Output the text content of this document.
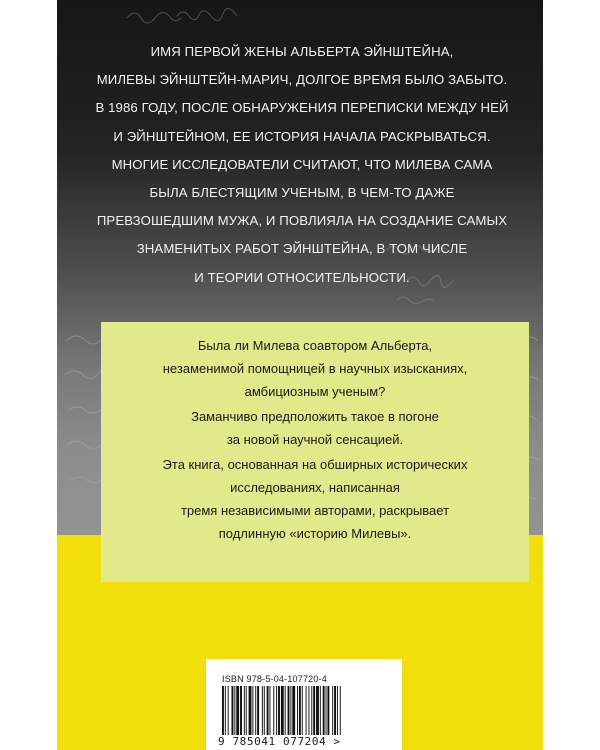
ИМЯ ПЕРВОЙ ЖЕНЫ АЛЬБЕРТА ЭЙНШТЕЙНА,
МИЛЕВЫ ЭЙНШТЕЙН-МАРИЧ, ДОЛГОЕ ВРЕМЯ БЫЛО ЗАБЫТО.
В 1986 ГОДУ, ПОСЛЕ ОБНАРУЖЕНИЯ ПЕРЕПИСКИ МЕЖДУ НЕЙ
И ЭЙНШТЕЙНОМ, ЕЕ ИСТОРИЯ НАЧАЛА РАСКРЫВАТЬСЯ.
МНОГИЕ ИССЛЕДОВАТЕЛИ СЧИТАЮТ, ЧТО МИЛЕВА САМА
БЫЛА БЛЕСТЯЩИМ УЧЕНЫМ, В ЧЕМ-ТО ДАЖЕ
ПРЕВЗОШЕДШИМ МУЖА, И ПОВЛИЯЛА НА СОЗДАНИЕ САМЫХ
ЗНАМЕНИТЫХ РАБОТ ЭЙНШТЕЙНА, В ТОМ ЧИСЛЕ
И ТЕОРИИ ОТНОСИТЕЛЬНОСТИ.
Была ли Милева соавтором Альберта,
незаменимой помощницей в научных изысканиях,
амбициозным ученым?
Заманчиво предположить такое в погоне
за новой научной сенсацией.
Эта книга, основанная на обширных исторических
исследованиях, написанная
тремя независимыми авторами, раскрывает
подлинную «историю Милевы».
ISBN 978-5-04-107720-4
9 785041 077204 >
